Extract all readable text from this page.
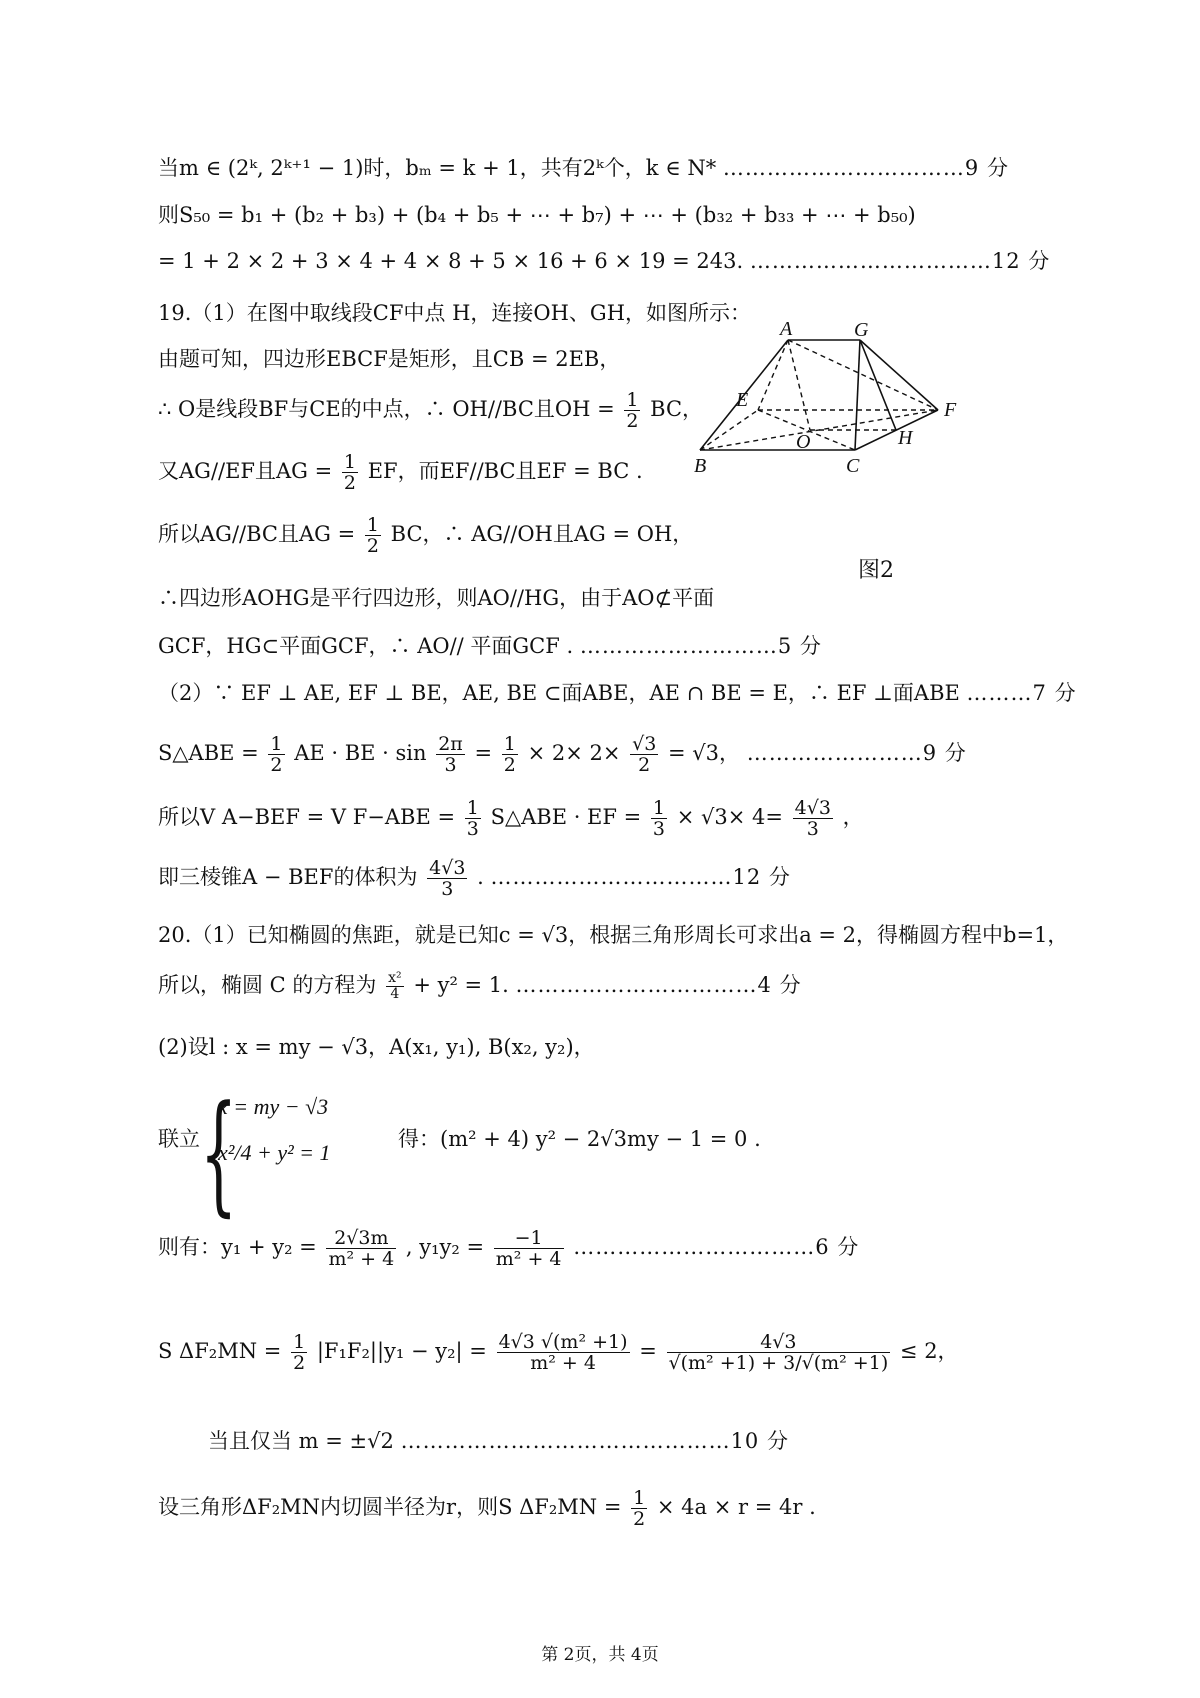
当m ∈ (2ᵏ, 2ᵏ⁺¹ − 1)时，bₘ = k + 1，共有2ᵏ个，k ∈ N* ……………………………9 分
则S₅₀ = b₁ + (b₂ + b₃) + (b₄ + b₅ + ⋯ + b₇) + ⋯ + (b₃₂ + b₃₃ + ⋯ + b₅₀)
= 1 + 2 × 2 + 3 × 4 + 4 × 8 + 5 × 16 + 6 × 19 = 243. ……………………………12 分
19.（1）在图中取线段CF中点 H，连接OH、GH，如图所示：
由题可知，四边形EBCF是矩形，且CB = 2EB，
∴ O是线段BF与CE的中点，∴ OH//BC且OH = $\frac{1}{2}$ BC，
又AG//EF且AG = $\frac{1}{2}$ EF，而EF//BC且EF = BC .
所以AG//BC且AG = $\frac{1}{2}$ BC，∴ AG//OH且AG = OH，
∴四边形AOHG是平行四边形，则AO//HG，由于AO⊄平面
GCF，HG⊂平面GCF，∴ AO// 平面GCF . ………………………5 分
（2）∵ EF ⊥ AE, EF ⊥ BE，AE, BE ⊂面ABE，AE ∩ BE = E，∴ EF ⊥面ABE ………7 分
S△ABE = $\frac{1}{2}$ AE · BE · $\sin \frac{2\pi}{3} = \frac{1}{2} \times 2\times 2\times \frac{√3}{2} = √3$， ……………………9 分
所以V A−BEF = V $F-ABE = \frac{1}{3}$ S△ABE · EF = $\frac{1}{3} \times √3\times 4= \frac{4√3}{3}$ ，
即三棱锥A − BEF的体积为 $\frac{4√3}{3}$ . ……………………………12 分
A	G
E	F
O	H
B	C
图2
20.（1）已知椭圆的焦距，就是已知c = √3，根据三角形周长可求出a = 2，得椭圆方程中b=1，
所以，椭圆 C 的方程为 $\frac{\text{x²}}{4} + y^2 = 1$. ……………………………4 分
(2)设l : x = my − √3，A(x₁, y₁), B(x₂, y₂)，
联立 {
x = my − √3
x²/4 + y² = 1
得：(m² + 4) y² − 2√3my − 1 = 0 .
则有：$y_1 + y_2 = \frac{2√3m}{\text{m² + 4}}$ , $y_1y_2 = \frac{-1}{\text{m² + 4}}$ ……………………………6 分
S $\Delta F_2MN = \frac{1}{2} |F_1F_2||y_1 - y_2| = \frac{\text{4√3 √(m² +1)}}{\text{m² + 4}} = \frac{4√3}{\text{√(m² +1) + 3/√(m² +1)}} \le 2$，
当且仅当 m = ±√2 ………………………………………10 分
设三角形ΔF₂MN内切圆半径为r，则S $\Delta F_2MN = \frac{1}{2} \times 4a \times r = 4r$ .
第 2页，共 4页
